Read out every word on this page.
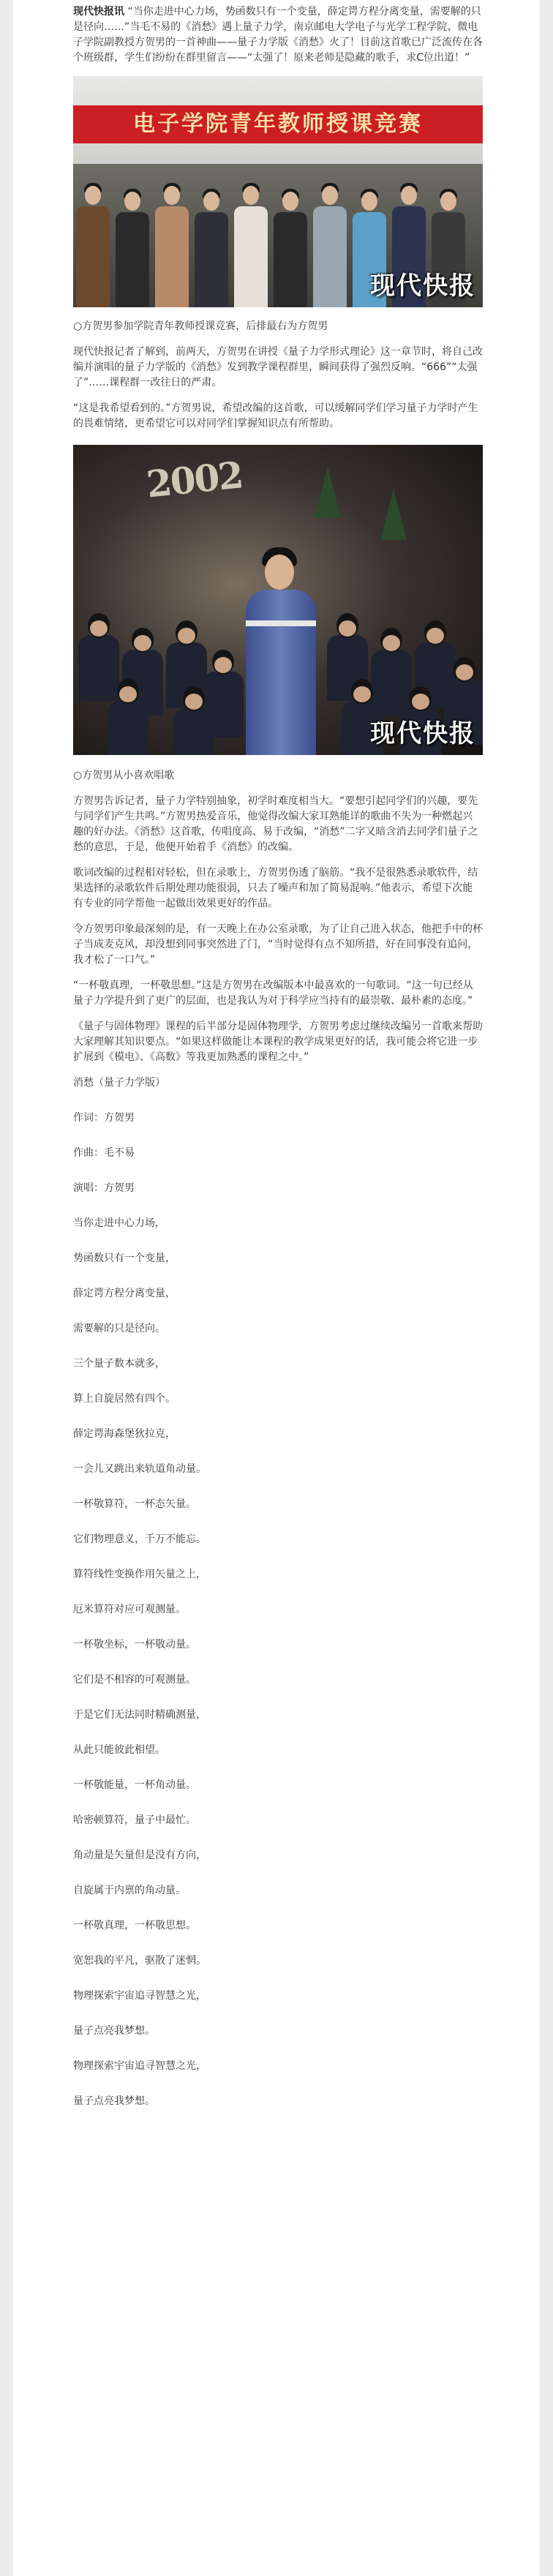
现代快报讯 “当你走进中心力场，势函数只有一个变量，薛定谔方程分离变量，需要解的只是径向……”当毛不易的《消愁》遇上量子力学，南京邮电大学电子与光学工程学院、微电子学院副教授方贺男的一首神曲——量子力学版《消愁》火了！目前这首歌已广泛流传在各个班级群，学生们纷纷在群里留言——“太强了！原来老师是隐藏的歌手，求C位出道！”

电子学院青年教师授课竞赛
现代快报

○方贺男参加学院青年教师授课竞赛，后排最右为方贺男

现代快报记者了解到，前两天，方贺男在讲授《量子力学形式理论》这一章节时，将自己改编并演唱的量子力学版的《消愁》发到教学课程群里，瞬间获得了强烈反响。“666”“太强了”……课程群一改往日的严肃。

“这是我希望看到的。”方贺男说，希望改编的这首歌，可以缓解同学们学习量子力学时产生的畏难情绪，更希望它可以对同学们掌握知识点有所帮助。

2002
现代快报

○方贺男从小喜欢唱歌

方贺男告诉记者，量子力学特别抽象，初学时难度相当大。“要想引起同学们的兴趣，要先与同学们产生共鸣。”方贺男热爱音乐，他觉得改编大家耳熟能详的歌曲不失为一种燃起兴趣的好办法。《消愁》这首歌，传唱度高、易于改编，“消愁”二字又暗含消去同学们量子之愁的意思，于是，他便开始着手《消愁》的改编。

歌词改编的过程相对轻松，但在录歌上，方贺男伤透了脑筋。“我不是很熟悉录歌软件，结果选择的录歌软件后期处理功能很弱，只去了噪声和加了简易混响。”他表示，希望下次能有专业的同学帮他一起做出效果更好的作品。

令方贺男印象最深刻的是，有一天晚上在办公室录歌，为了让自己进入状态，他把手中的杯子当成麦克风，却没想到同事突然进了门，“当时觉得有点不知所措，好在同事没有追问，我才松了一口气。”

“一杯敬真理，一杯敬思想。”这是方贺男在改编版本中最喜欢的一句歌词。“这一句已经从量子力学提升到了更广的层面，也是我认为对于科学应当持有的最崇敬、最朴素的态度。”

《量子与固体物理》课程的后半部分是固体物理学，方贺男考虑过继续改编另一首歌来帮助大家理解其知识要点。“如果这样做能让本课程的教学成果更好的话，我可能会将它进一步扩展到《模电》、《高数》等我更加熟悉的课程之中。”

消愁（量子力学版）

作词：方贺男

作曲：毛不易

演唱：方贺男

当你走进中心力场，

势函数只有一个变量，

薛定谔方程分离变量，

需要解的只是径向。

三个量子数本就多，

算上自旋居然有四个。

薛定谔海森堡狄拉克，

一会儿又跳出来轨道角动量。

一杯敬算符，一杯态矢量。

它们物理意义，千万不能忘。

算符线性变换作用矢量之上，

厄米算符对应可观测量。

一杯敬坐标，一杯敬动量。

它们是不相容的可观测量。

于是它们无法同时精确测量，

从此只能彼此相望。

一杯敬能量，一杯角动量。

哈密顿算符，量子中最忙。

角动量是矢量但是没有方向，

自旋属于内禀的角动量。

一杯敬真理，一杯敬思想。

宽恕我的平凡，驱散了迷惘。

物理探索宇宙追寻智慧之光，

量子点亮我梦想。

物理探索宇宙追寻智慧之光，

量子点亮我梦想。
